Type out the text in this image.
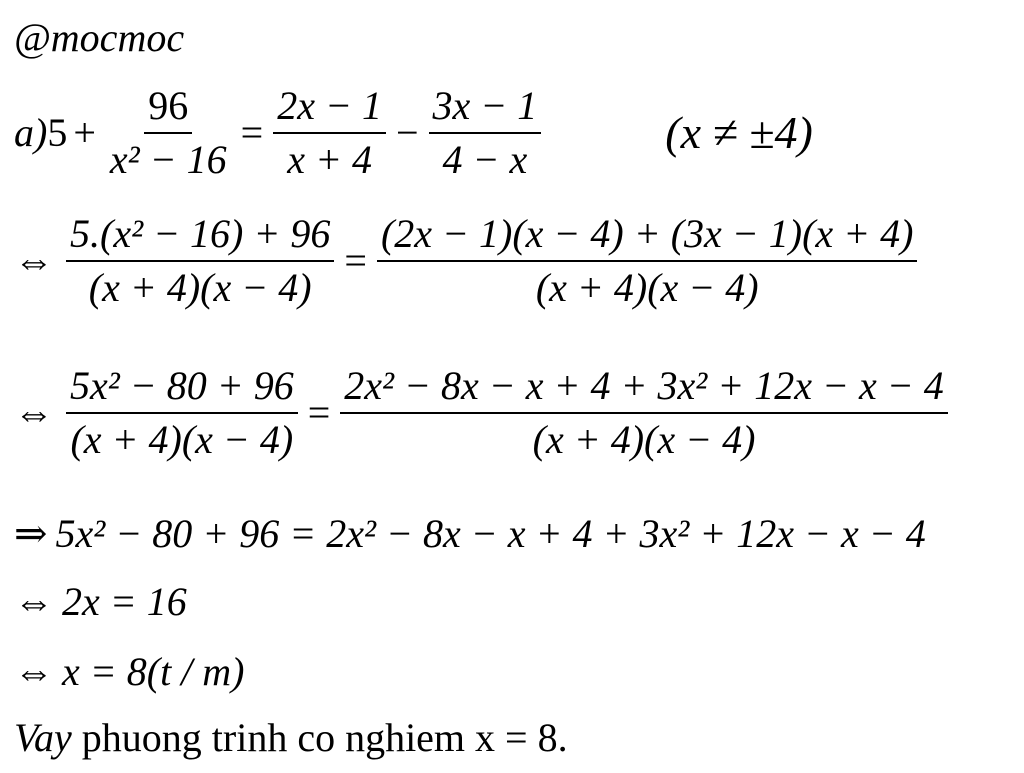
@mocmoc
a) $5 + \frac{96}{\text{x² − 16}} = \frac{2x - 1}{x + 4} - \frac{3x - 1}{4 - x}$	(x ≠ ±4)
⇔ $\frac{\text{5.(x² − 16) + 96}}{(x + 4)(x - 4)} = \frac{(2x - 1)(x - 4) + (3x - 1)(x + 4)}{(x + 4)(x - 4)}$
⇔ $\frac{\text{5x² − 80 + 96}}{(x + 4)(x - 4)} = \frac{\text{2x² − 8x − x + 4 + 3x² + 12x − x − 4}}{(x + 4)(x - 4)}$
⇒ 5x² − 80 + 96 = 2x² − 8x − x + 4 + 3x² + 12x − x − 4
⇔ 2x = 16
⇔ x = 8(t / m)
Vay phuong trinh co nghiem x = 8.
